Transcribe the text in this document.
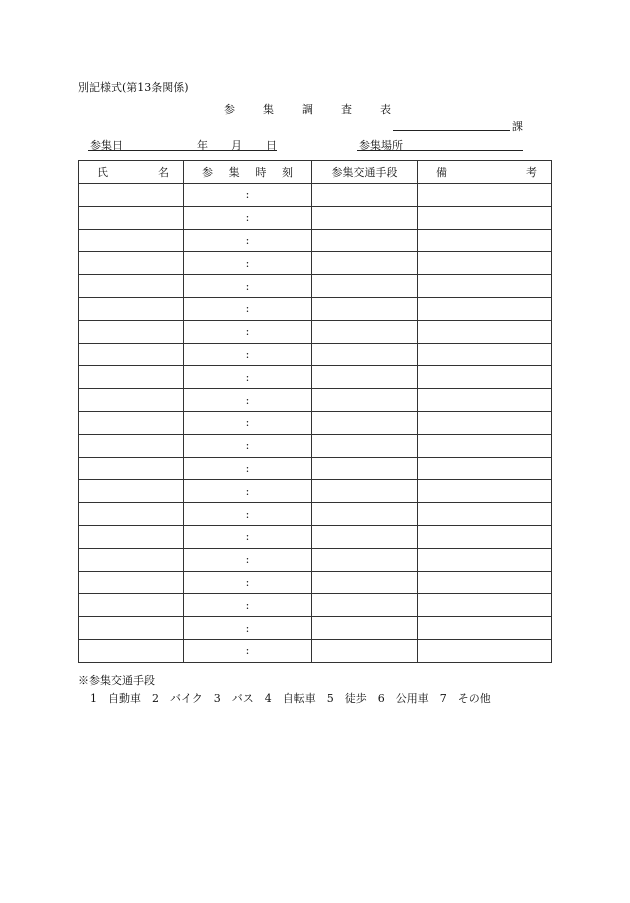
別記様式(第13条関係)
参	集	調	査	表
課
参集日	年 月 日	参集場所
氏 名	参 集 時 刻	参集交通手段	備 考

	:		
	:		
	:		
	:		
	:		
	:		
	:		
	:		
	:		
	:		
	:		
	:		
	:		
	:		
	:		
	:		
	:		
	:		
	:		
	:		
	:		
※参集交通手段
1　自動車　2　バイク　3　バス　4　自転車　5　徒歩　6　公用車　7　その他
